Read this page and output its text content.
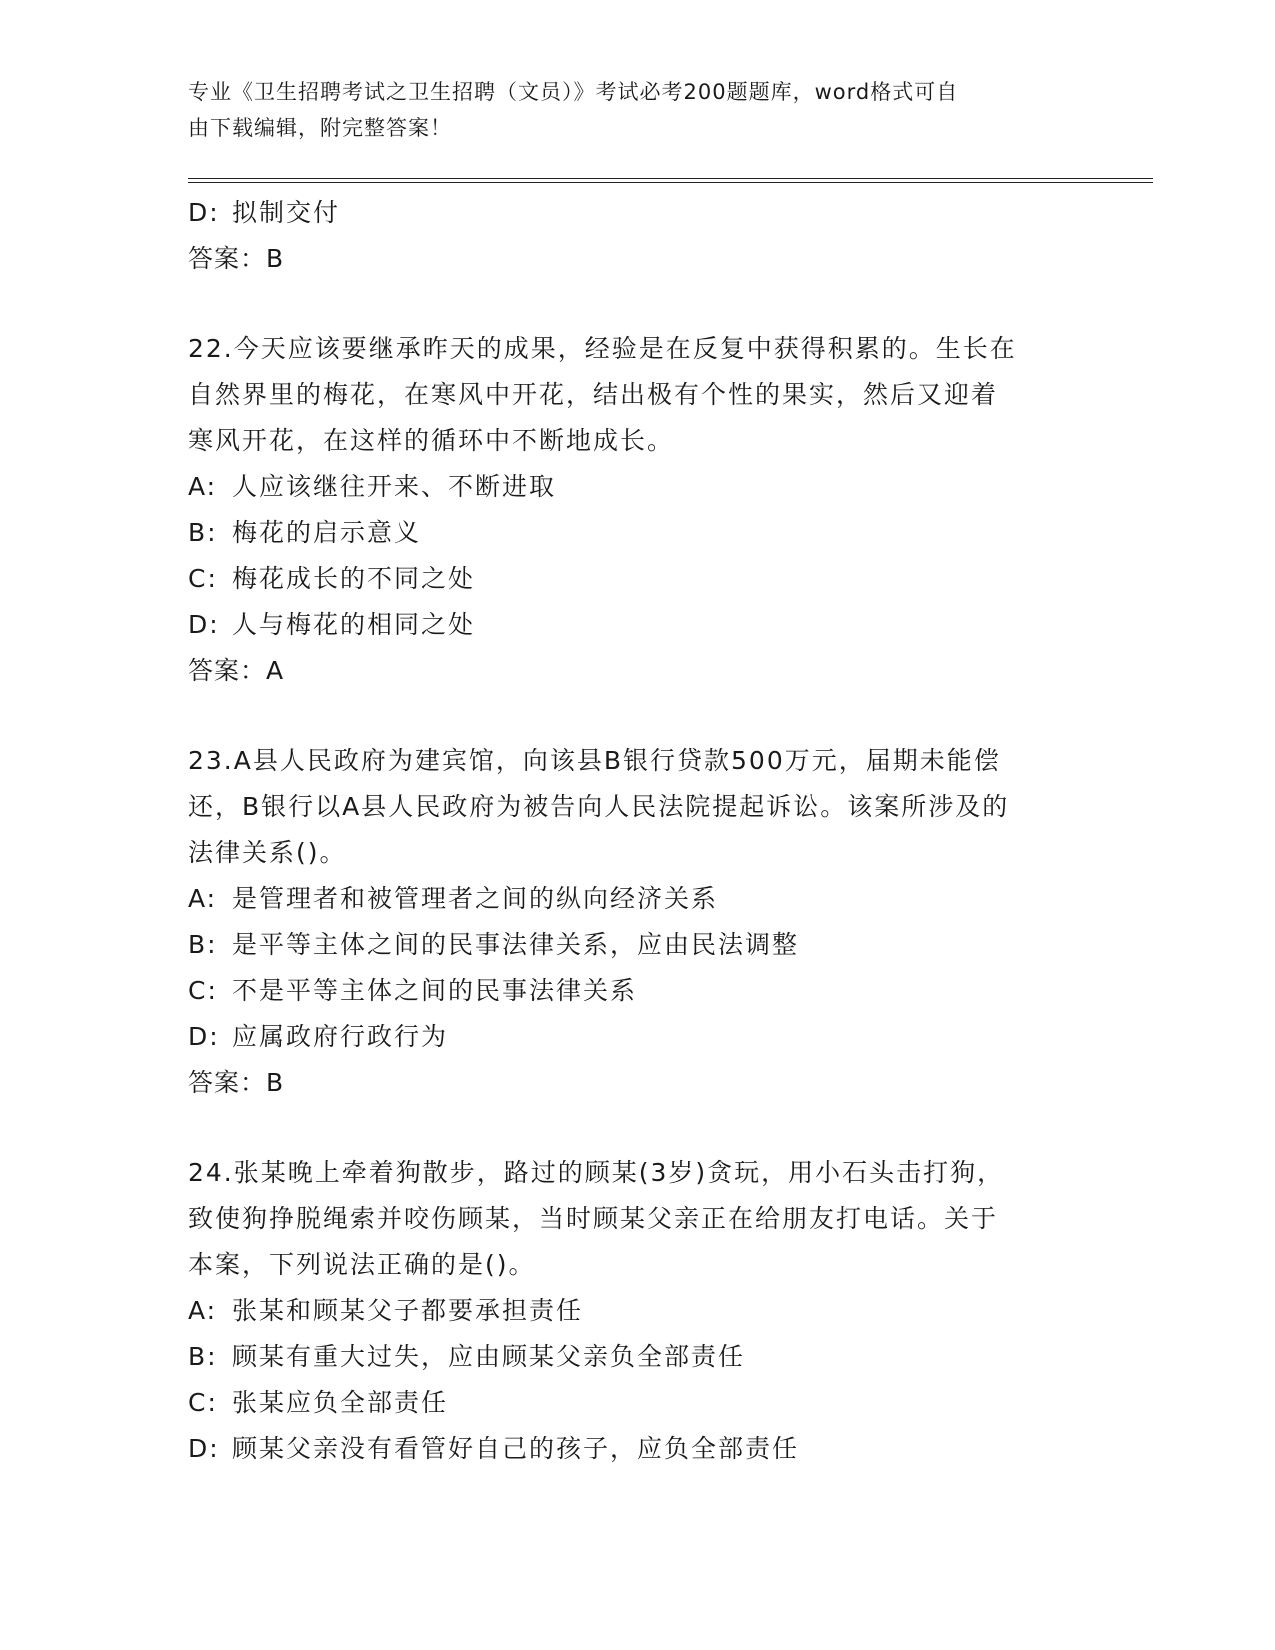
专业《卫生招聘考试之卫生招聘（文员）》考试必考200题题库，word格式可自
由下载编辑，附完整答案！
D: 拟制交付
答案：B
22.今天应该要继承昨天的成果，经验是在反复中获得积累的。生长在
自然界里的梅花，在寒风中开花，结出极有个性的果实，然后又迎着
寒风开花，在这样的循环中不断地成长。
A: 人应该继往开来、不断进取
B: 梅花的启示意义
C: 梅花成长的不同之处
D: 人与梅花的相同之处
答案：A
23.A县人民政府为建宾馆，向该县B银行贷款500万元，届期未能偿
还，B银行以A县人民政府为被告向人民法院提起诉讼。该案所涉及的
法律关系()。
A: 是管理者和被管理者之间的纵向经济关系
B: 是平等主体之间的民事法律关系，应由民法调整
C: 不是平等主体之间的民事法律关系
D: 应属政府行政行为
答案：B
24.张某晚上牵着狗散步，路过的顾某(3岁)贪玩，用小石头击打狗，
致使狗挣脱绳索并咬伤顾某，当时顾某父亲正在给朋友打电话。关于
本案，下列说法正确的是()。
A: 张某和顾某父子都要承担责任
B: 顾某有重大过失，应由顾某父亲负全部责任
C: 张某应负全部责任
D: 顾某父亲没有看管好自己的孩子，应负全部责任
